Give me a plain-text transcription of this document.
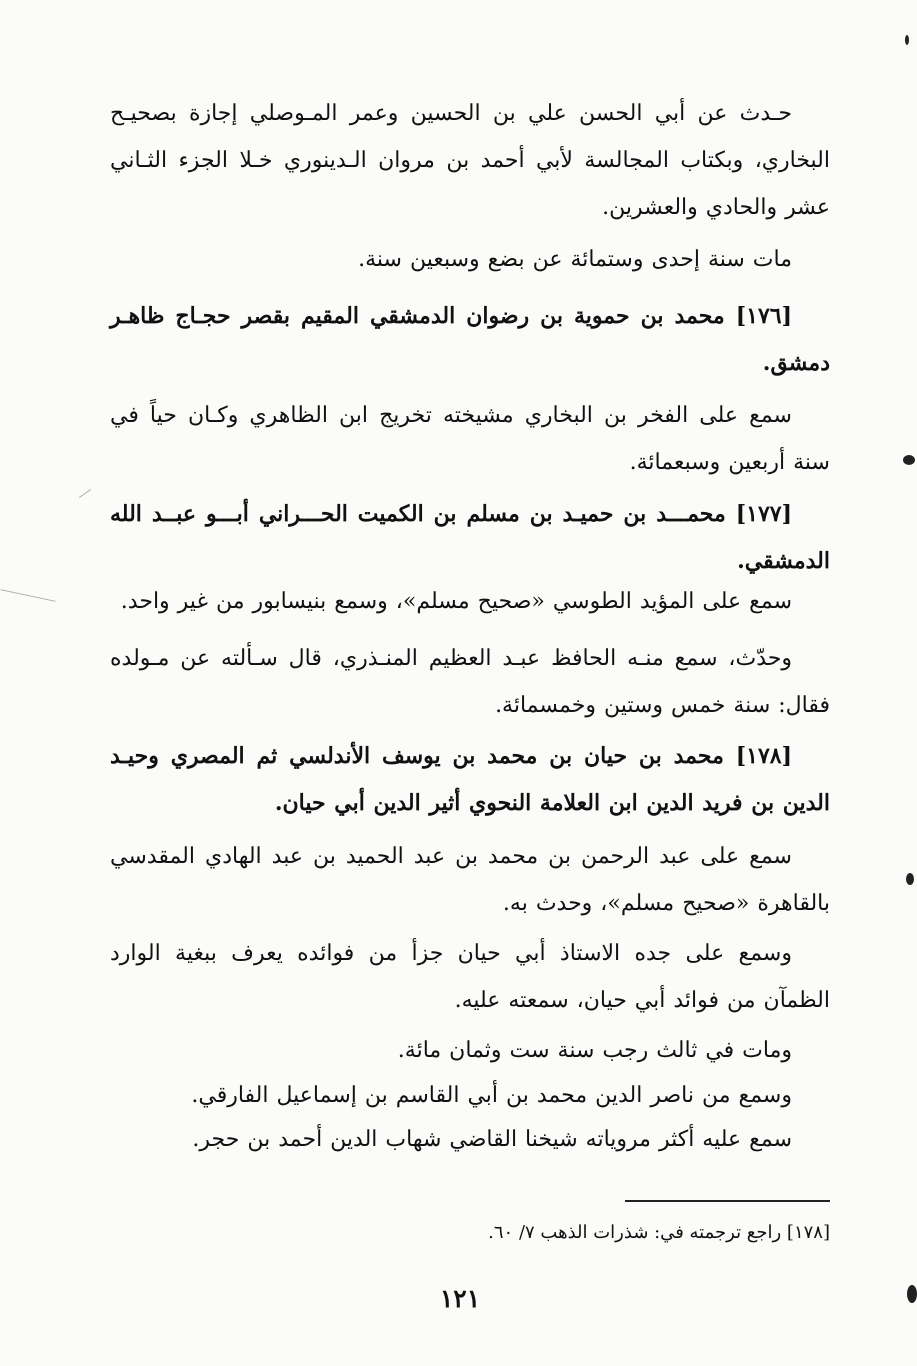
حـدث عن أبي الحسن علي بن الحسين وعمر المـوصلي إجازة بصحيـح البخاري، وبكتاب المجالسة لأبي أحمد بن مروان الـدينوري خـلا الجزء الثـاني عشر والحادي والعشرين.
مات سنة إحدى وستمائة عن بضع وسبعين سنة.
[١٧٦] محمد بن حموية بن رضوان الدمشقي المقيم بقصر حجـاج ظاهـر دمشق.
سمع على الفخر بن البخاري مشيخته تخريج ابن الظاهري وكـان حياً في سنة أربعين وسبعمائة.
[١٧٧] محمـــد بن حميـد بن مسلم بن الكميت الحـــراني أبـــو عبــد الله الدمشقي.
سمع على المؤيد الطوسي «صحيح مسلم»، وسمع بنيسابور من غير واحد.
وحدّث، سمع منـه الحافظ عبـد العظيم المنـذري، قال سـألته عن مـولده فقال: سنة خمس وستين وخمسمائة.
[١٧٨] محمد بن حيان بن محمد بن يوسف الأندلسي ثم المصري وحيـد الدين بن فريد الدين ابن العلامة النحوي أثير الدين أبي حيان.
سمع على عبد الرحمن بن محمد بن عبد الحميد بن عبد الهادي المقدسي بالقاهرة «صحيح مسلم»، وحدث به.
وسمع على جده الاستاذ أبي حيان جزأ من فوائده يعرف ببغية الوارد الظمآن من فوائد أبي حيان، سمعته عليه.
ومات في ثالث رجب سنة ست وثمان مائة.
وسمع من ناصر الدين محمد بن أبي القاسم بن إسماعيل الفارقي.
سمع عليه أكثر مروياته شيخنا القاضي شهاب الدين أحمد بن حجر.
[١٧٨] راجع ترجمته في: شذرات الذهب ٧/ ٦٠.
١٢١
